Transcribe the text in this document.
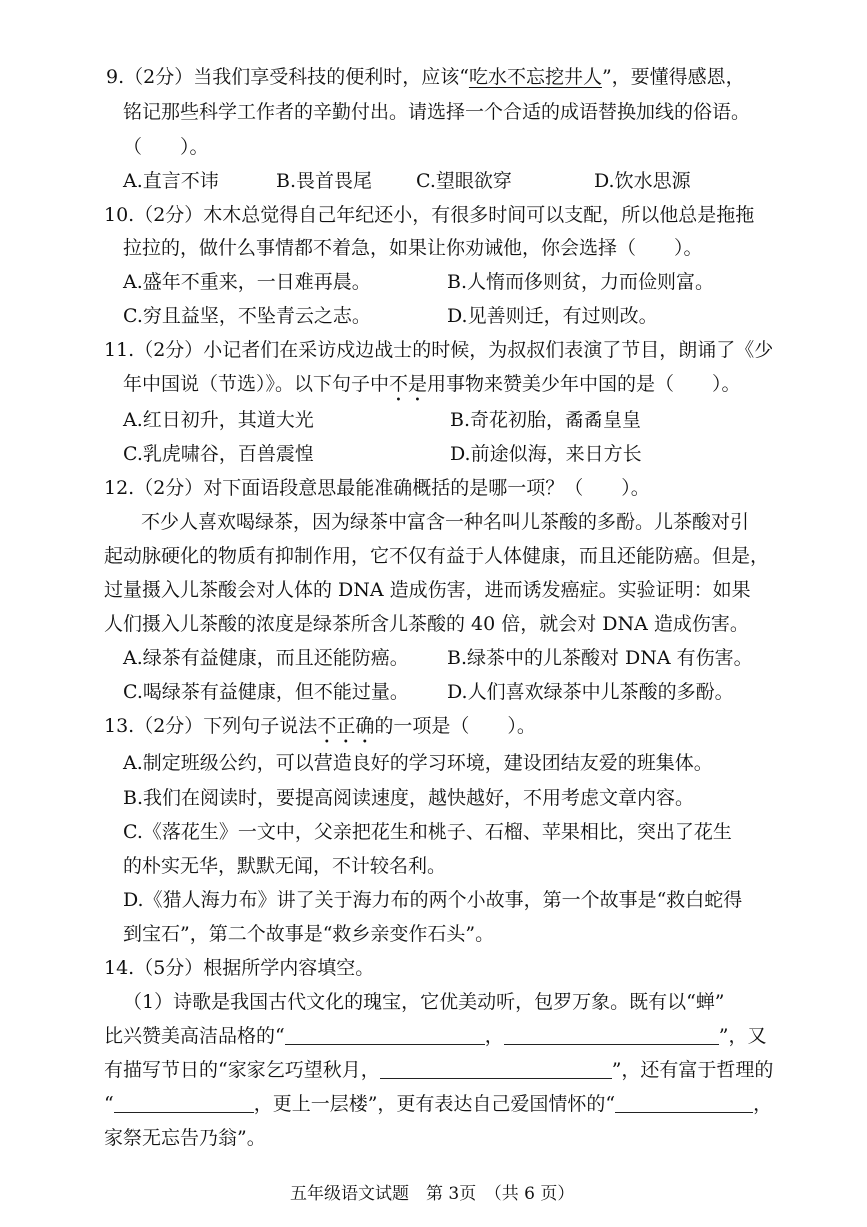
9.（2分）当我们享受科技的便利时，应该“吃水不忘挖井人”，要懂得感恩，
铭记那些科学工作者的辛勤付出。请选择一个合适的成语替换加线的俗语。
（　　）。
A.直言不讳	B.畏首畏尾 C.望眼欲穿	D.饮水思源
10.（2分）木木总觉得自己年纪还小，有很多时间可以支配，所以他总是拖拖
拉拉的，做什么事情都不着急，如果让你劝诫他，你会选择（　　）。
A.盛年不重来，一日难再晨。	B.人惰而侈则贫，力而俭则富。
C.穷且益坚，不坠青云之志。	D.见善则迁，有过则改。
11.（2分）小记者们在采访戍边战士的时候，为叔叔们表演了节目，朗诵了《少
年中国说（节选）》。以下句子中不是用事物来赞美少年中国的是（　　）。
A.红日初升，其道大光	B.奇花初胎，矞矞皇皇
C.乳虎啸谷，百兽震惶	D.前途似海，来日方长
12.（2分）对下面语段意思最能准确概括的是哪一项？（　　）。
不少人喜欢喝绿茶，因为绿茶中富含一种名叫儿茶酸的多酚。儿茶酸对引
起动脉硬化的物质有抑制作用，它不仅有益于人体健康，而且还能防癌。但是，
过量摄入儿茶酸会对人体的 DNA 造成伤害，进而诱发癌症。实验证明：如果
人们摄入儿茶酸的浓度是绿茶所含儿茶酸的 40 倍，就会对 DNA 造成伤害。
A.绿茶有益健康，而且还能防癌。 B.绿茶中的儿茶酸对 DNA 有伤害。
C.喝绿茶有益健康，但不能过量。 D.人们喜欢绿茶中儿茶酸的多酚。
13.（2分）下列句子说法不正确的一项是（　　）。
A.制定班级公约，可以营造良好的学习环境，建设团结友爱的班集体。
B.我们在阅读时，要提高阅读速度，越快越好，不用考虑文章内容。
C.《落花生》一文中，父亲把花生和桃子、石榴、苹果相比，突出了花生
的朴实无华，默默无闻，不计较名利。
D.《猎人海力布》讲了关于海力布的两个小故事，第一个故事是“救白蛇得
到宝石”，第二个故事是“救乡亲变作石头”。
14.（5分）根据所学内容填空。
（1）诗歌是我国古代文化的瑰宝，它优美动听，包罗万象。既有以“蝉”
比兴赞美高洁品格的“	，	”，又
有描写节日的“家家乞巧望秋月，	”，还有富于哲理的
“	，更上一层楼”，更有表达自己爱国情怀的“	，
家祭无忘告乃翁”。
五年级语文试题　第 3页　（共 6 页）
